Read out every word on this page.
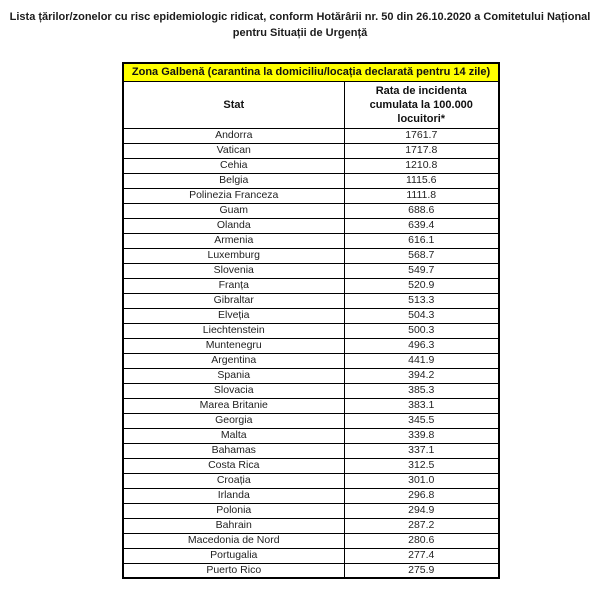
Lista țărilor/zonelor cu risc epidemiologic ridicat, conform Hotărârii nr. 50 din 26.10.2020 a Comitetului Național
pentru Situații de Urgență
Zona Galbenă (carantina la domiciliu/locația declarată pentru 14 zile)	
Stat	Rata de incidenta cumulata la 100.000 locuitori*
Andorra	1761.7
Vatican	1717.8
Cehia	1210.8
Belgia	1115.6
Polinezia Franceza	1111.8
Guam	688.6
Olanda	639.4
Armenia	616.1
Luxemburg	568.7
Slovenia	549.7
Franța	520.9
Gibraltar	513.3
Elveția	504.3
Liechtenstein	500.3
Muntenegru	496.3
Argentina	441.9
Spania	394.2
Slovacia	385.3
Marea Britanie	383.1
Georgia	345.5
Malta	339.8
Bahamas	337.1
Costa Rica	312.5
Croația	301.0
Irlanda	296.8
Polonia	294.9
Bahrain	287.2
Macedonia de Nord	280.6
Portugalia	277.4
Puerto Rico	275.9
